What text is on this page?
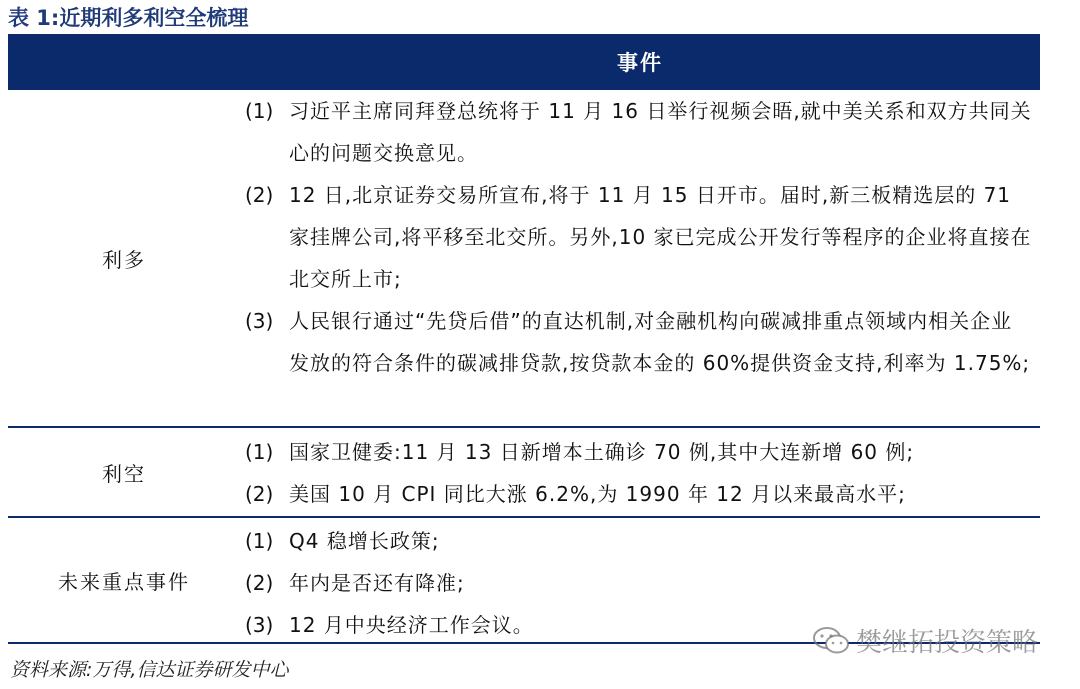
表 1:近期利多利空全梳理
事件
利多
(1) 习近平主席同拜登总统将于 11 月 16 日举行视频会晤,就中美关系和双方共同关心的问题交换意见。
(2) 12 日,北京证券交易所宣布,将于 11 月 15 日开市。届时,新三板精选层的 71 家挂牌公司,将平移至北交所。另外,10 家已完成公开发行等程序的企业将直接在北交所上市;
(3) 人民银行通过“先贷后借”的直达机制,对金融机构向碳减排重点领域内相关企业发放的符合条件的碳减排贷款,按贷款本金的 60%提供资金支持,利率为 1.75%;
利空
(1) 国家卫健委:11 月 13 日新增本土确诊 70 例,其中大连新增 60 例;
(2) 美国 10 月 CPI 同比大涨 6.2%,为 1990 年 12 月以来最高水平;
未来重点事件
(1) Q4 稳增长政策;
(2) 年内是否还有降准;
(3) 12 月中央经济工作会议。
樊继拓投资策略
资料来源:万得,信达证券研发中心
